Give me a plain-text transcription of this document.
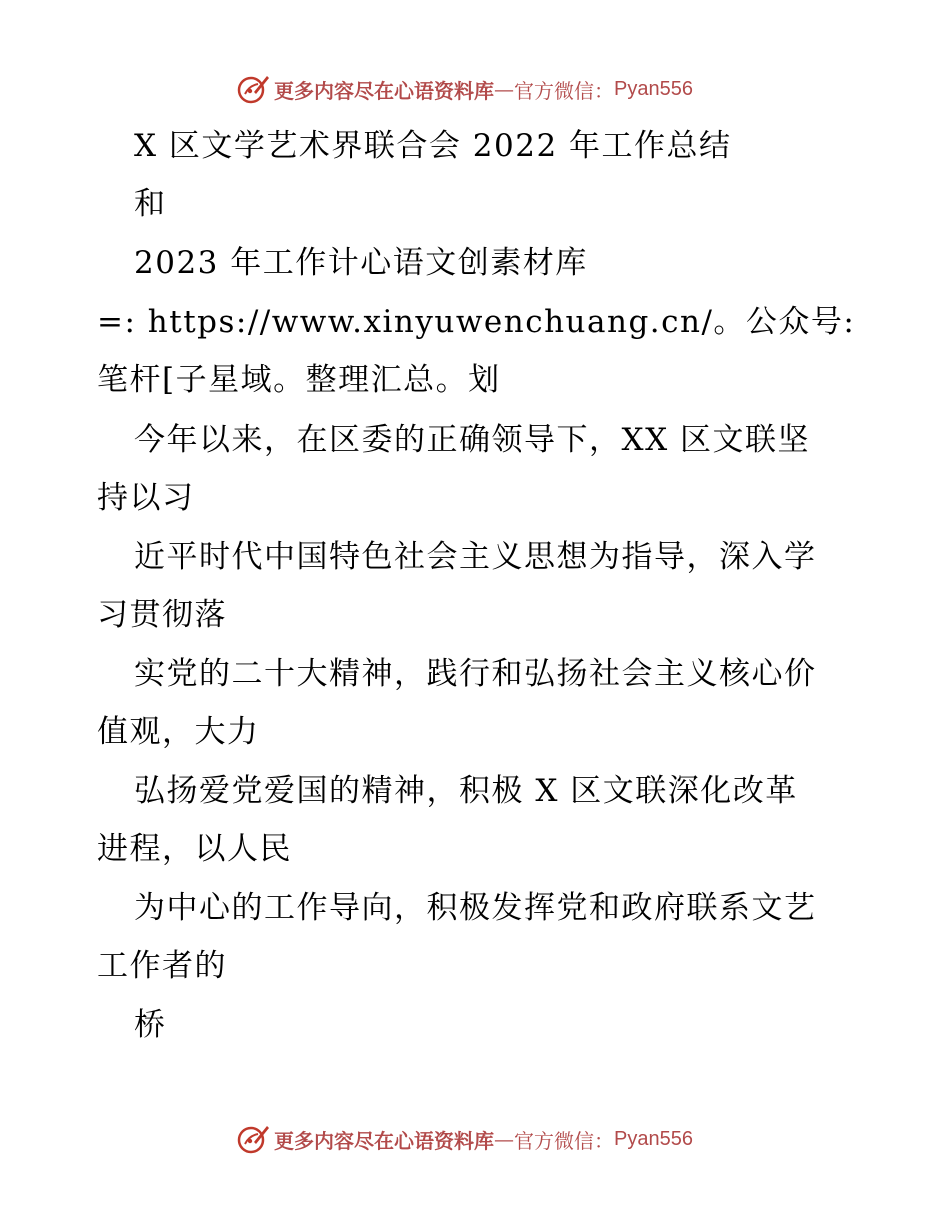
更多内容尽在心语资料库 — 官方微信： Pyan556
X 区文学艺术界联合会 2022 年工作总结
和
2023 年工作计心语文创素材库
=: https://www.xinyuwenchuang.cn/。公众号:
笔杆[子星域。整理汇总。划
今年以来，在区委的正确领导下，XX 区文联坚
持以习
近平时代中国特色社会主义思想为指导，深入学
习贯彻落
实党的二十大精神，践行和弘扬社会主义核心价
值观，大力
弘扬爱党爱国的精神，积极 X 区文联深化改革
进程，以人民
为中心的工作导向，积极发挥党和政府联系文艺
工作者的
桥
更多内容尽在心语资料库 — 官方微信： Pyan556
